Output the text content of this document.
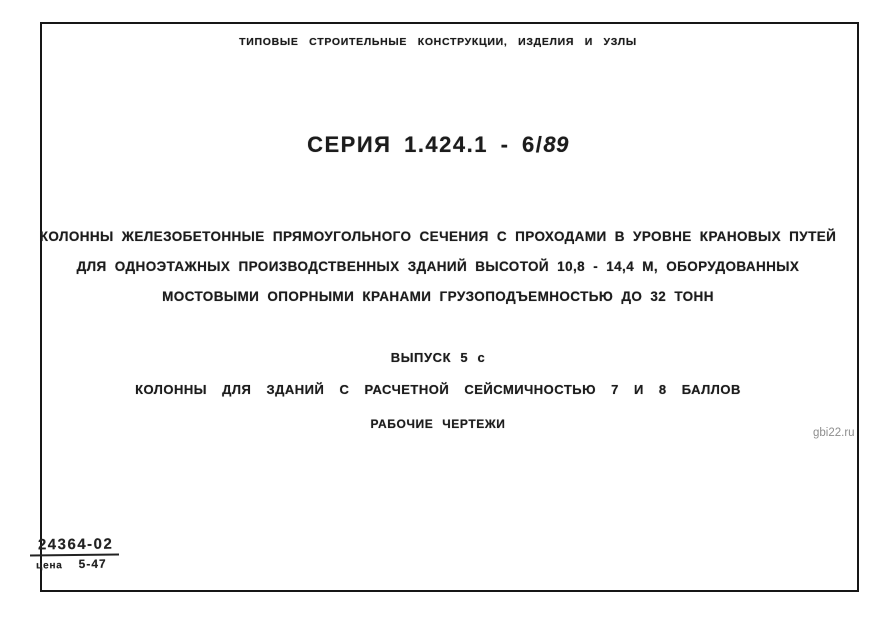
ТИПОВЫЕ СТРОИТЕЛЬНЫЕ КОНСТРУКЦИИ, ИЗДЕЛИЯ И УЗЛЫ
СЕРИЯ 1.424.1 - 6/89
КОЛОННЫ ЖЕЛЕЗОБЕТОННЫЕ ПРЯМОУГОЛЬНОГО СЕЧЕНИЯ С ПРОХОДАМИ В УРОВНЕ КРАНОВЫХ ПУТЕЙ
ДЛЯ ОДНОЭТАЖНЫХ ПРОИЗВОДСТВЕННЫХ ЗДАНИЙ ВЫСОТОЙ 10,8 - 14,4 М, ОБОРУДОВАННЫХ
МОСТОВЫМИ ОПОРНЫМИ КРАНАМИ ГРУЗОПОДЪЕМНОСТЬЮ ДО 32 ТОНН
ВЫПУСК 5 с
КОЛОННЫ ДЛЯ ЗДАНИЙ С РАСЧЕТНОЙ СЕЙСМИЧНОСТЬЮ 7 И 8 БАЛЛОВ
РАБОЧИЕ ЧЕРТЕЖИ
24364-02
цена 5-47
gbi22.ru
